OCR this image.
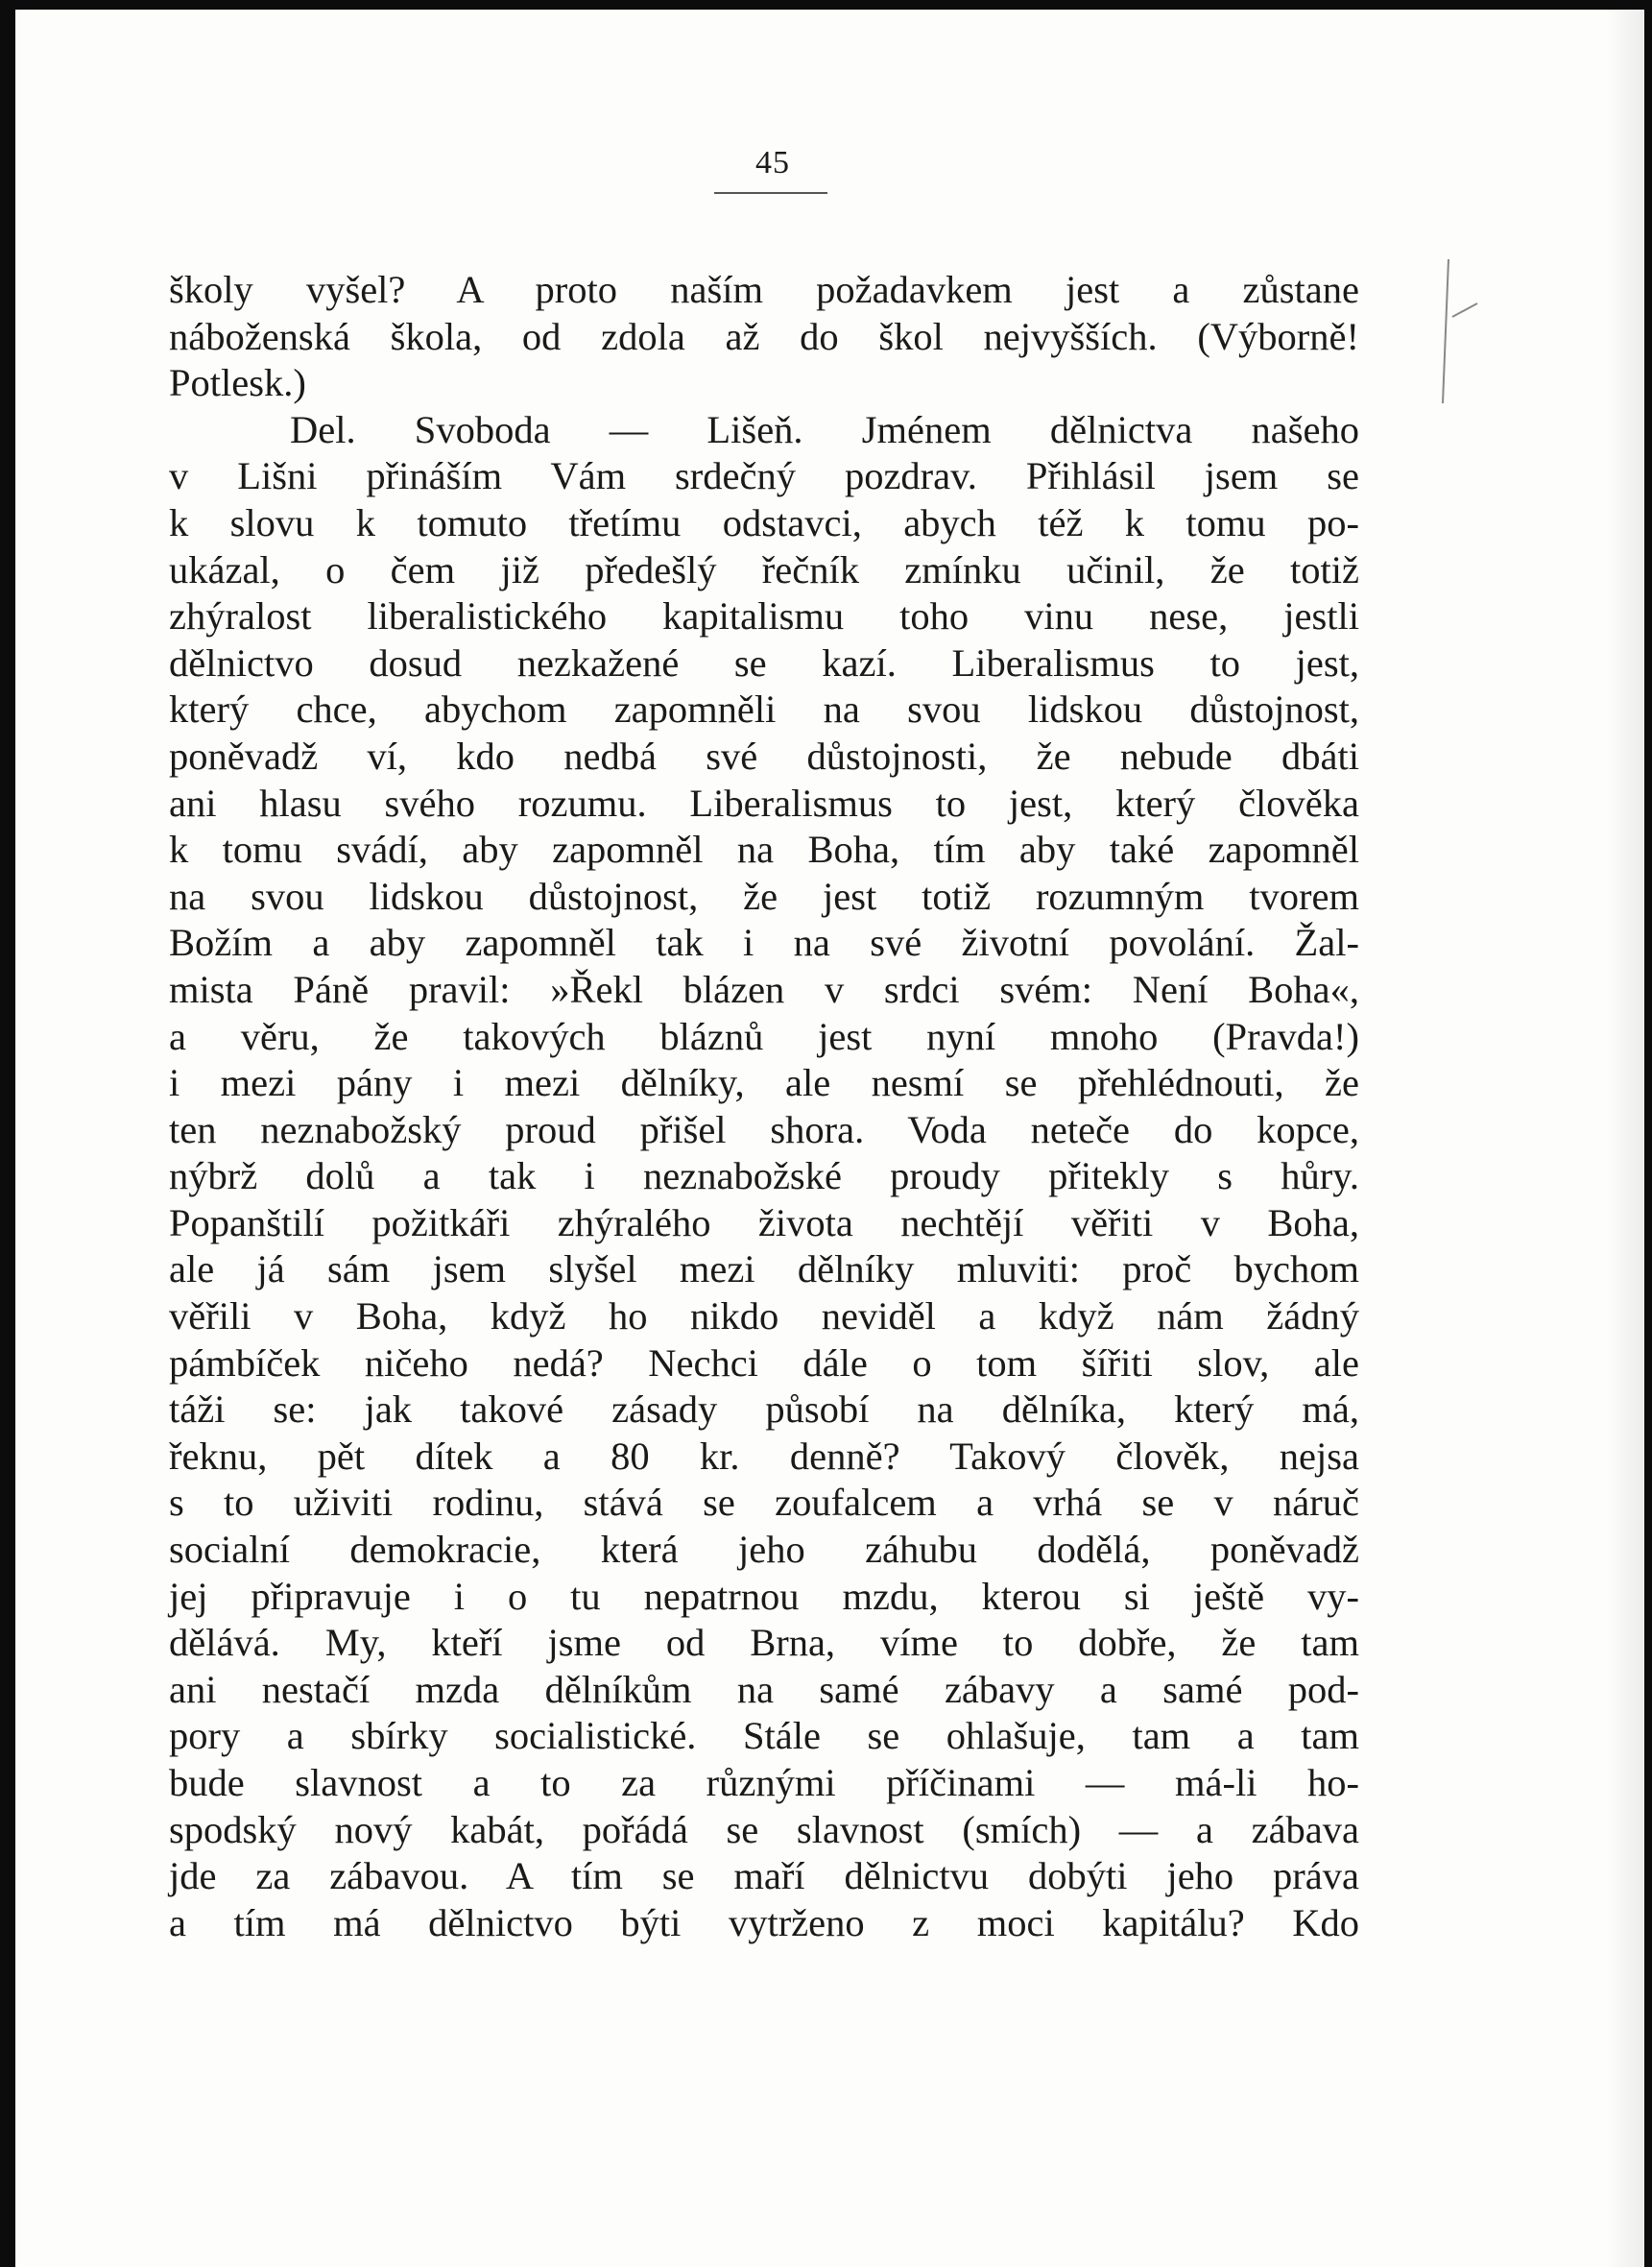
45
školy vyšel? A proto naším požadavkem jest a zůstane
náboženská škola, od zdola až do škol nejvyšších. (Výborně!
Potlesk.)
Del. Svoboda — Lišeň. Jménem dělnictva našeho
v Lišni přináším Vám srdečný pozdrav. Přihlásil jsem se
k slovu k tomuto třetímu odstavci, abych též k tomu po-
ukázal, o čem již předešlý řečník zmínku učinil, že totiž
zhýralost liberalistického kapitalismu toho vinu nese, jestli
dělnictvo dosud nezkažené se kazí. Liberalismus to jest,
který chce, abychom zapomněli na svou lidskou důstojnost,
poněvadž ví, kdo nedbá své důstojnosti, že nebude dbáti
ani hlasu svého rozumu. Liberalismus to jest, který člověka
k tomu svádí, aby zapomněl na Boha, tím aby také zapomněl
na svou lidskou důstojnost, že jest totiž rozumným tvorem
Božím a aby zapomněl tak i na své životní povolání. Žal-
mista Páně pravil: »Řekl blázen v srdci svém: Není Boha«,
a věru, že takových bláznů jest nyní mnoho (Pravda!)
i mezi pány i mezi dělníky, ale nesmí se přehlédnouti, že
ten neznabožský proud přišel shora. Voda neteče do kopce,
nýbrž dolů a tak i neznabožské proudy přitekly s hůry.
Popanštilí požitkáři zhýralého života nechtějí věřiti v Boha,
ale já sám jsem slyšel mezi dělníky mluviti: proč bychom
věřili v Boha, když ho nikdo neviděl a když nám žádný
pámbíček ničeho nedá? Nechci dále o tom šířiti slov, ale
táži se: jak takové zásady působí na dělníka, který má,
řeknu, pět dítek a 80 kr. denně? Takový člověk, nejsa
s to uživiti rodinu, stává se zoufalcem a vrhá se v náruč
socialní demokracie, která jeho záhubu dodělá, poněvadž
jej připravuje i o tu nepatrnou mzdu, kterou si ještě vy-
dělává. My, kteří jsme od Brna, víme to dobře, že tam
ani nestačí mzda dělníkům na samé zábavy a samé pod-
pory a sbírky socialistické. Stále se ohlašuje, tam a tam
bude slavnost a to za různými příčinami — má-li ho-
spodský nový kabát, pořádá se slavnost (smích) — a zábava
jde za zábavou. A tím se maří dělnictvu dobýti jeho práva
a tím má dělnictvo býti vytrženo z moci kapitálu? Kdo
